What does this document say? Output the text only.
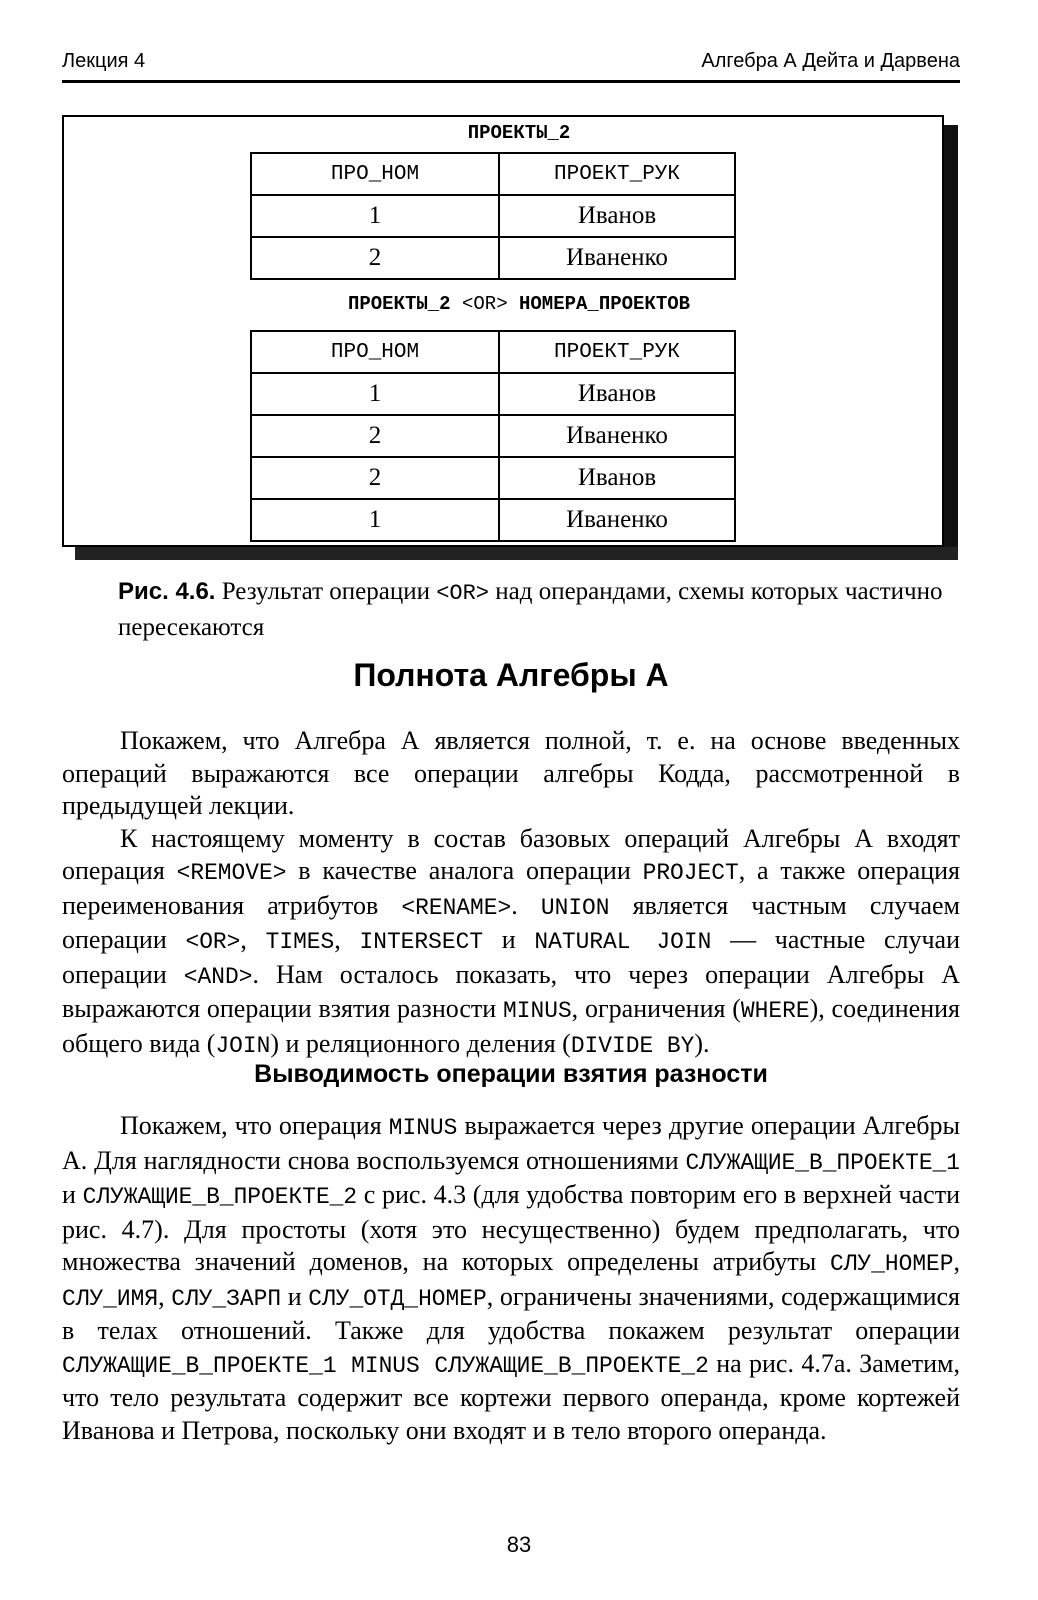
Лекция 4	Алгебра А Дейта и Дарвена
ПРОЕКТЫ_2
ПРО_НОМ	ПРОЕКТ_РУК
1	Иванов
2	Иваненко
ПРОЕКТЫ_2 <OR> НОМЕРА_ПРОЕКТОВ
ПРО_НОМ	ПРОЕКТ_РУК
1	Иванов
2	Иваненко
2	Иванов
1	Иваненко
Рис. 4.6. Результат операции <OR> над операндами, схемы которых частично пересекаются
Полнота Алгебры А

Покажем, что Алгебра А является полной, т. е. на основе введенных операций выражаются все операции алгебры Кодда, рассмотренной в предыдущей лекции.

К настоящему моменту в состав базовых операций Алгебры А входят операция <REMOVE> в качестве аналога операции PROJECT, а также операция переименования атрибутов <RENAME>. UNION является частным случаем операции <OR>, TIMES, INTERSECT и NATURAL JOIN — частные случаи операции <AND>. Нам осталось показать, что через операции Алгебры А выражаются операции взятия разности MINUS, ограничения (WHERE), соединения общего вида (JOIN) и реляционного деления (DIVIDE BY).

Выводимость операции взятия разности

Покажем, что операция MINUS выражается через другие операции Алгебры А. Для наглядности снова воспользуемся отношениями СЛУЖАЩИЕ_В_ПРОЕКТЕ_1 и СЛУЖАЩИЕ_В_ПРОЕКТЕ_2 с рис. 4.3 (для удобства повторим его в верхней части рис. 4.7). Для простоты (хотя это несущественно) будем предполагать, что множества значений доменов, на которых определены атрибуты СЛУ_НОМЕР, СЛУ_ИМЯ, СЛУ_ЗАРП и СЛУ_ОТД_НОМЕР, ограничены значениями, содержащимися в телах отношений. Также для удобства покажем результат операции СЛУЖАЩИЕ_В_ПРОЕКТЕ_1 MINUS СЛУЖАЩИЕ_В_ПРОЕКТЕ_2 на рис. 4.7а. Заметим, что тело результата содержит все кортежи первого операнда, кроме кортежей Иванова и Петрова, поскольку они входят и в тело второго операнда.

83
